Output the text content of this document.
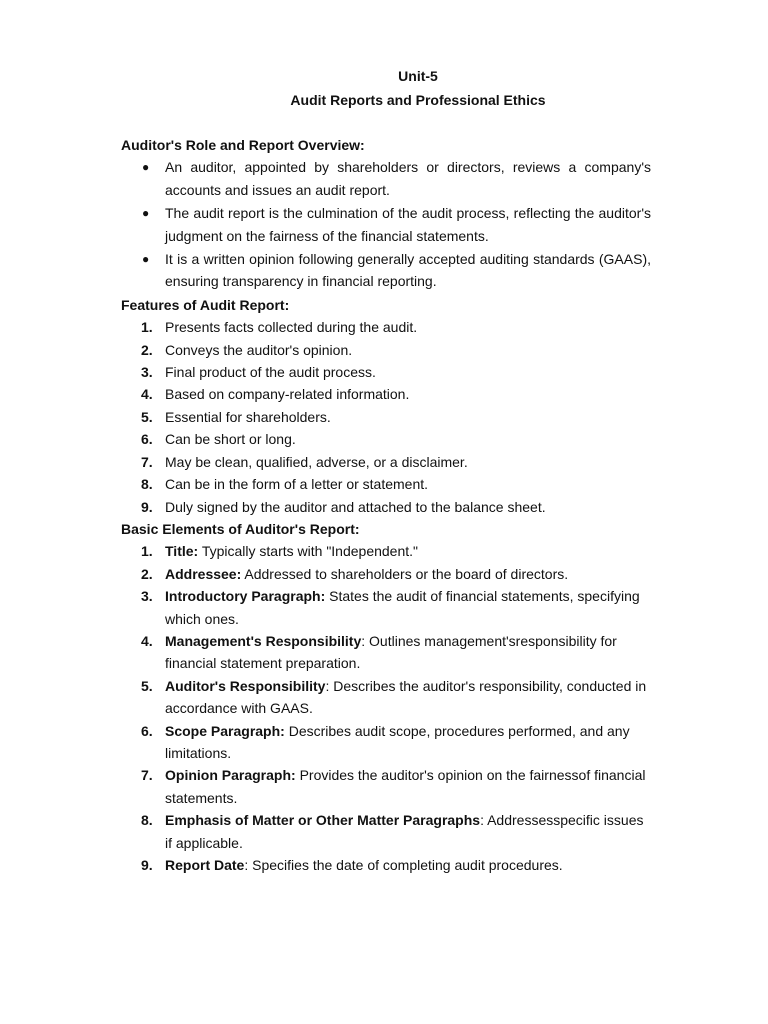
Unit-5
Audit Reports and Professional Ethics
Auditor's Role and Report Overview:
● An auditor, appointed by shareholders or directors, reviews a company's accounts and issues an audit report.
● The audit report is the culmination of the audit process, reflecting the auditor's judgment on the fairness of the financial statements.
● It is a written opinion following generally accepted auditing standards (GAAS), ensuring transparency in financial reporting.
Features of Audit Report:
1. Presents facts collected during the audit.
2. Conveys the auditor's opinion.
3. Final product of the audit process.
4. Based on company-related information.
5. Essential for shareholders.
6. Can be short or long.
7. May be clean, qualified, adverse, or a disclaimer.
8. Can be in the form of a letter or statement.
9. Duly signed by the auditor and attached to the balance sheet.
Basic Elements of Auditor's Report:
1. Title: Typically starts with "Independent."
2. Addressee: Addressed to shareholders or the board of directors.
3. Introductory Paragraph: States the audit of financial statements, specifying which ones.
4. Management's Responsibility: Outlines management'sresponsibility for financial statement preparation.
5. Auditor's Responsibility: Describes the auditor's responsibility, conducted in accordance with GAAS.
6. Scope Paragraph: Describes audit scope, procedures performed, and any limitations.
7. Opinion Paragraph: Provides the auditor's opinion on the fairnessof financial statements.
8. Emphasis of Matter or Other Matter Paragraphs: Addressesspecific issues if applicable.
9. Report Date: Specifies the date of completing audit procedures.
